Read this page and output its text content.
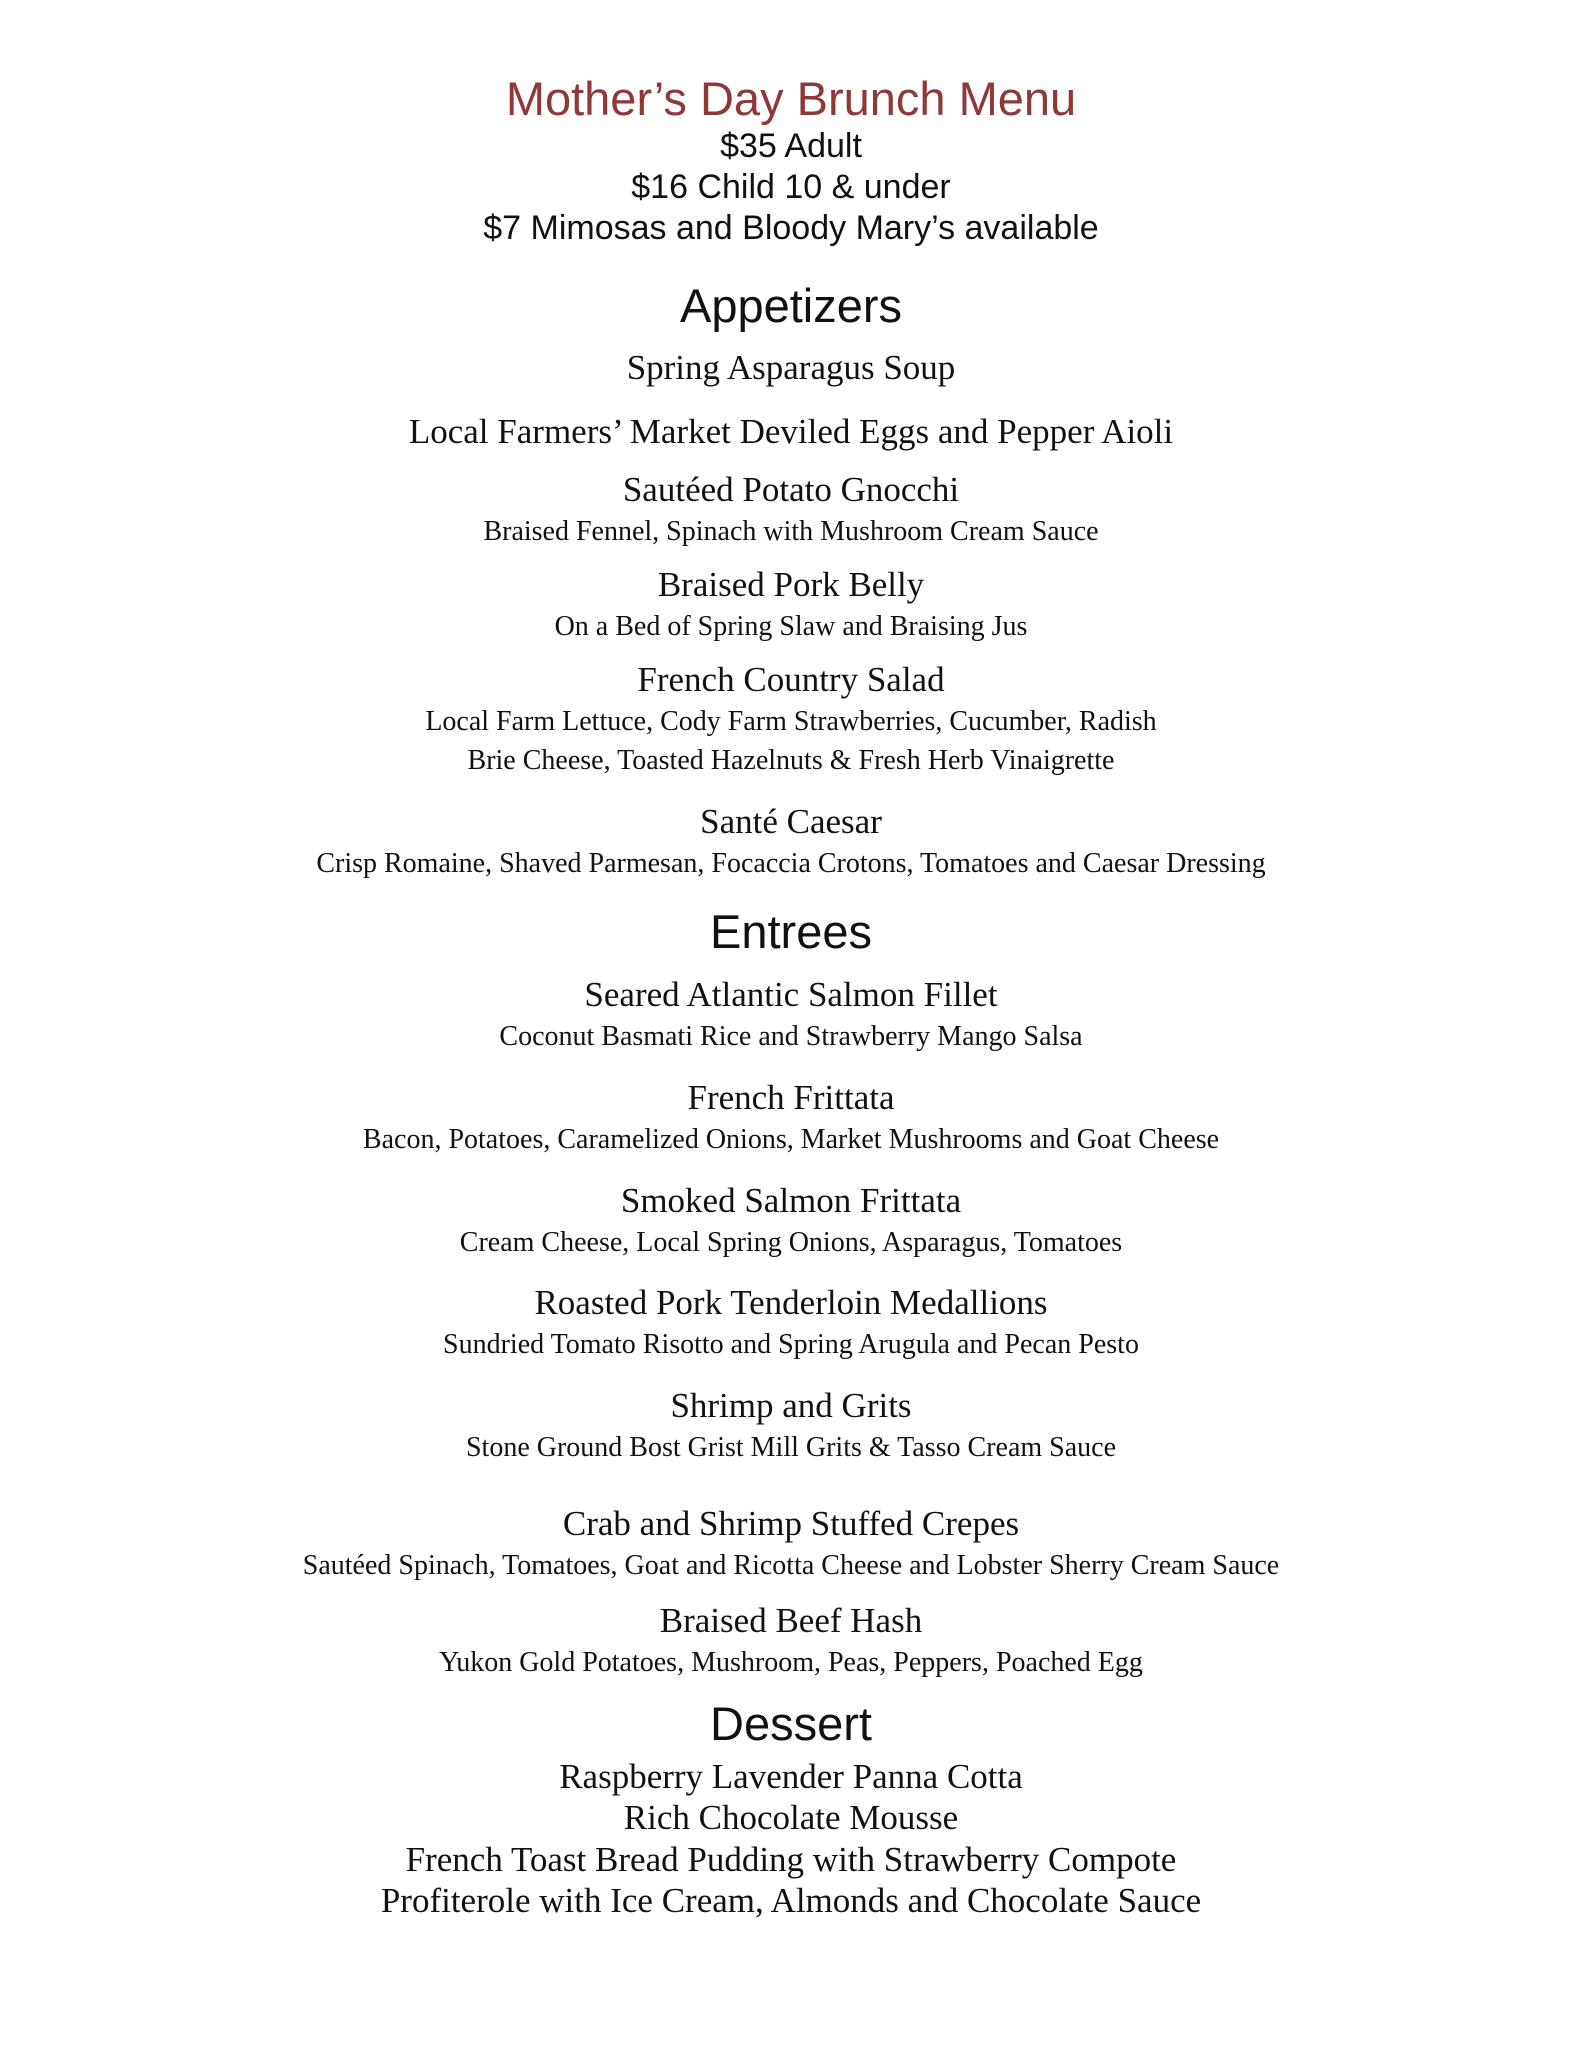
Mother’s Day Brunch Menu
$35 Adult
$16 Child 10 & under
$7 Mimosas and Bloody Mary’s available
Appetizers
Spring Asparagus Soup
Local Farmers’ Market Deviled Eggs and Pepper Aioli
Sautéed Potato Gnocchi
Braised Fennel, Spinach with Mushroom Cream Sauce
Braised Pork Belly
On a Bed of Spring Slaw and Braising Jus
French Country Salad
Local Farm Lettuce, Cody Farm Strawberries, Cucumber, Radish
Brie Cheese, Toasted Hazelnuts & Fresh Herb Vinaigrette
Santé Caesar
Crisp Romaine, Shaved Parmesan, Focaccia Crotons, Tomatoes and Caesar Dressing
Entrees
Seared Atlantic Salmon Fillet
Coconut Basmati Rice and Strawberry Mango Salsa
French Frittata
Bacon, Potatoes, Caramelized Onions, Market Mushrooms and Goat Cheese
Smoked Salmon Frittata
Cream Cheese, Local Spring Onions, Asparagus, Tomatoes
Roasted Pork Tenderloin Medallions
Sundried Tomato Risotto and Spring Arugula and Pecan Pesto
Shrimp and Grits
Stone Ground Bost Grist Mill Grits & Tasso Cream Sauce
Crab and Shrimp Stuffed Crepes
Sautéed Spinach, Tomatoes, Goat and Ricotta Cheese and Lobster Sherry Cream Sauce
Braised Beef Hash
Yukon Gold Potatoes, Mushroom, Peas, Peppers, Poached Egg
Dessert
Raspberry Lavender Panna Cotta
Rich Chocolate Mousse
French Toast Bread Pudding with Strawberry Compote
Profiterole with Ice Cream, Almonds and Chocolate Sauce
